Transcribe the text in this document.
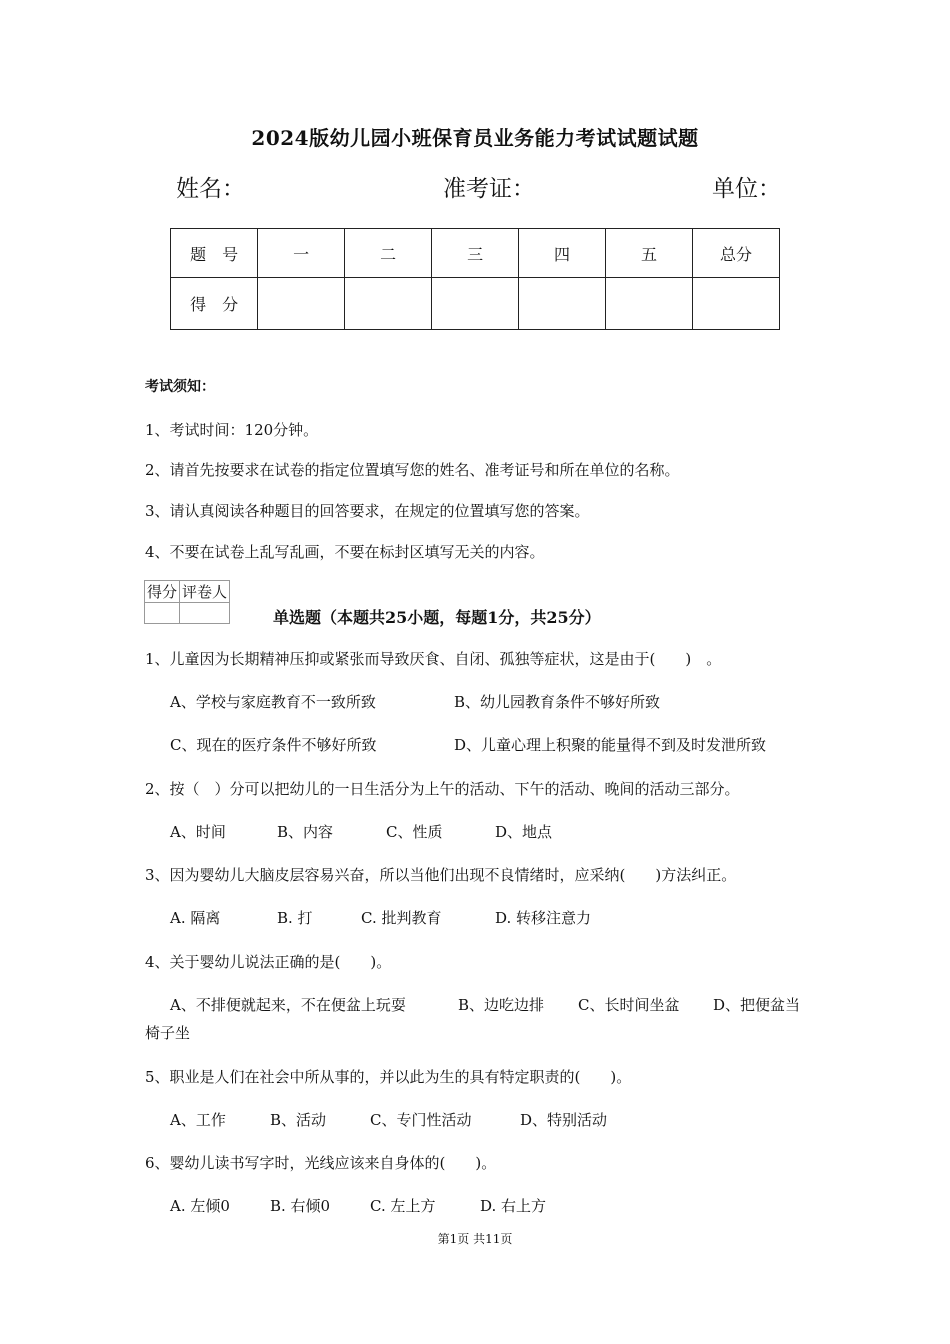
2024版幼儿园小班保育员业务能力考试试题试题
姓名：	准考证：	单位：
题　号	一	二	三	四	五	总分
得　分						
考试须知：
1、考试时间：120分钟。
2、请首先按要求在试卷的指定位置填写您的姓名、准考证号和所在单位的名称。
3、请认真阅读各种题目的回答要求，在规定的位置填写您的答案。
4、不要在试卷上乱写乱画，不要在标封区填写无关的内容。
得分	评卷人

单选题（本题共25小题，每题1分，共25分）
1、儿童因为长期精神压抑或紧张而导致厌食、自闭、孤独等症状，这是由于(　　)　。
A、学校与家庭教育不一致所致	B、幼儿园教育条件不够好所致
C、现在的医疗条件不够好所致	D、儿童心理上积聚的能量得不到及时发泄所致
2、按（　）分可以把幼儿的一日生活分为上午的活动、下午的活动、晚间的活动三部分。
A、时间	B、内容	C、性质	D、地点
3、因为婴幼儿大脑皮层容易兴奋，所以当他们出现不良情绪时，应采纳(　　)方法纠正。
A. 隔离	B. 打	C. 批判教育	D. 转移注意力
4、关于婴幼儿说法正确的是(　　)。
A、不排便就起来，不在便盆上玩耍	B、边吃边排 C、长时间坐盆 D、把便盆当
椅子坐
5、职业是人们在社会中所从事的，并以此为生的具有特定职责的(　　)。
A、工作	B、活动	C、专门性活动	D、特别活动
6、婴幼儿读书写字时，光线应该来自身体的(　　)。
A. 左倾0	B. 右倾0	C. 左上方	D. 右上方
第1页 共11页
